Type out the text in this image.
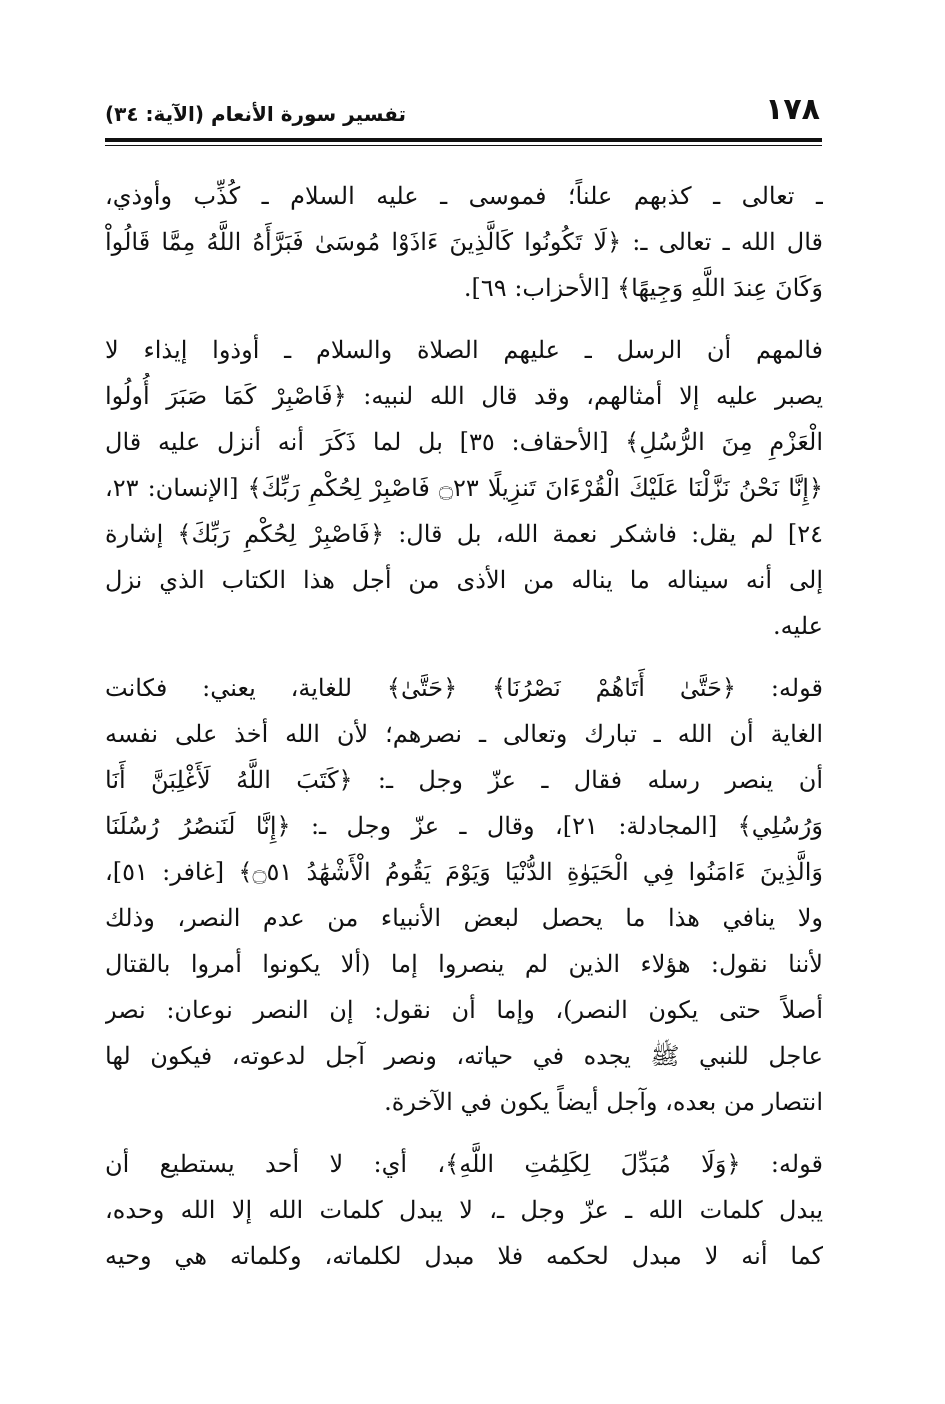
١٧٨
تفسير سورة الأنعام (الآية: ٣٤)
ـ تعالى ـ كذبهم علناً؛ فموسى ـ عليه السلام ـ كُذِّب وأوذي،
قال الله ـ تعالى ـ: ﴿لَا تَكُونُوا كَالَّذِينَ ءَاذَوْا مُوسَىٰ فَبَرَّأَهُ اللَّهُ مِمَّا قَالُواْ
وَكَانَ عِندَ اللَّهِ وَجِيهًا﴾ [الأحزاب: ٦٩].
فالمهم أن الرسل ـ عليهم الصلاة والسلام ـ أوذوا إيذاء لا
يصبر عليه إلا أمثالهم، وقد قال الله لنبيه: ﴿فَاصْبِرْ كَمَا صَبَرَ أُولُوا
الْعَزْمِ مِنَ الرُّسُلِ﴾ [الأحقاف: ٣٥] بل لما ذَكَرَ أنه أنزل عليه قال
﴿إِنَّا نَحْنُ نَزَّلْنَا عَلَيْكَ الْقُرْءَانَ تَنزِيلًا ۝٢٣ فَاصْبِرْ لِحُكْمِ رَبِّكَ﴾ [الإنسان: ٢٣،
٢٤] لم يقل: فاشكر نعمة الله، بل قال: ﴿فَاصْبِرْ لِحُكْمِ رَبِّكَ﴾ إشارة
إلى أنه سيناله ما يناله من الأذى من أجل هذا الكتاب الذي نزل
عليه.
قوله: ﴿حَتَّىٰ أَتَاهُمْ نَصْرُنَا﴾ ﴿حَتَّىٰ﴾ للغاية، يعني: فكانت
الغاية أن الله ـ تبارك وتعالى ـ نصرهم؛ لأن الله أخذ على نفسه
أن ينصر رسله فقال ـ عزّ وجل ـ: ﴿كَتَبَ اللَّهُ لَأَغْلِبَنَّ أَنَا
وَرُسُلِي﴾ [المجادلة: ٢١]، وقال ـ عزّ وجل ـ: ﴿إِنَّا لَنَنصُرُ رُسُلَنَا
وَالَّذِينَ ءَامَنُوا فِي الْحَيَوٰةِ الدُّنْيَا وَيَوْمَ يَقُومُ الْأَشْهَٰدُ ۝٥١﴾ [غافر: ٥١]،
ولا ينافي هذا ما يحصل لبعض الأنبياء من عدم النصر، وذلك
لأننا نقول: هؤلاء الذين لم ينصروا إما (ألا يكونوا أمروا بالقتال
أصلاً حتى يكون النصر)، وإما أن نقول: إن النصر نوعان: نصر
عاجل للنبي ﷺ يجده في حياته، ونصر آجل لدعوته، فيكون لها
انتصار من بعده، وآجل أيضاً يكون في الآخرة.
قوله: ﴿وَلَا مُبَدِّلَ لِكَلِمَٰتِ اللَّهِ﴾، أي: لا أحد يستطيع أن
يبدل كلمات الله ـ عزّ وجل ـ، لا يبدل كلمات الله إلا الله وحده،
كما أنه لا مبدل لحكمه فلا مبدل لكلماته، وكلماته هي وحيه
